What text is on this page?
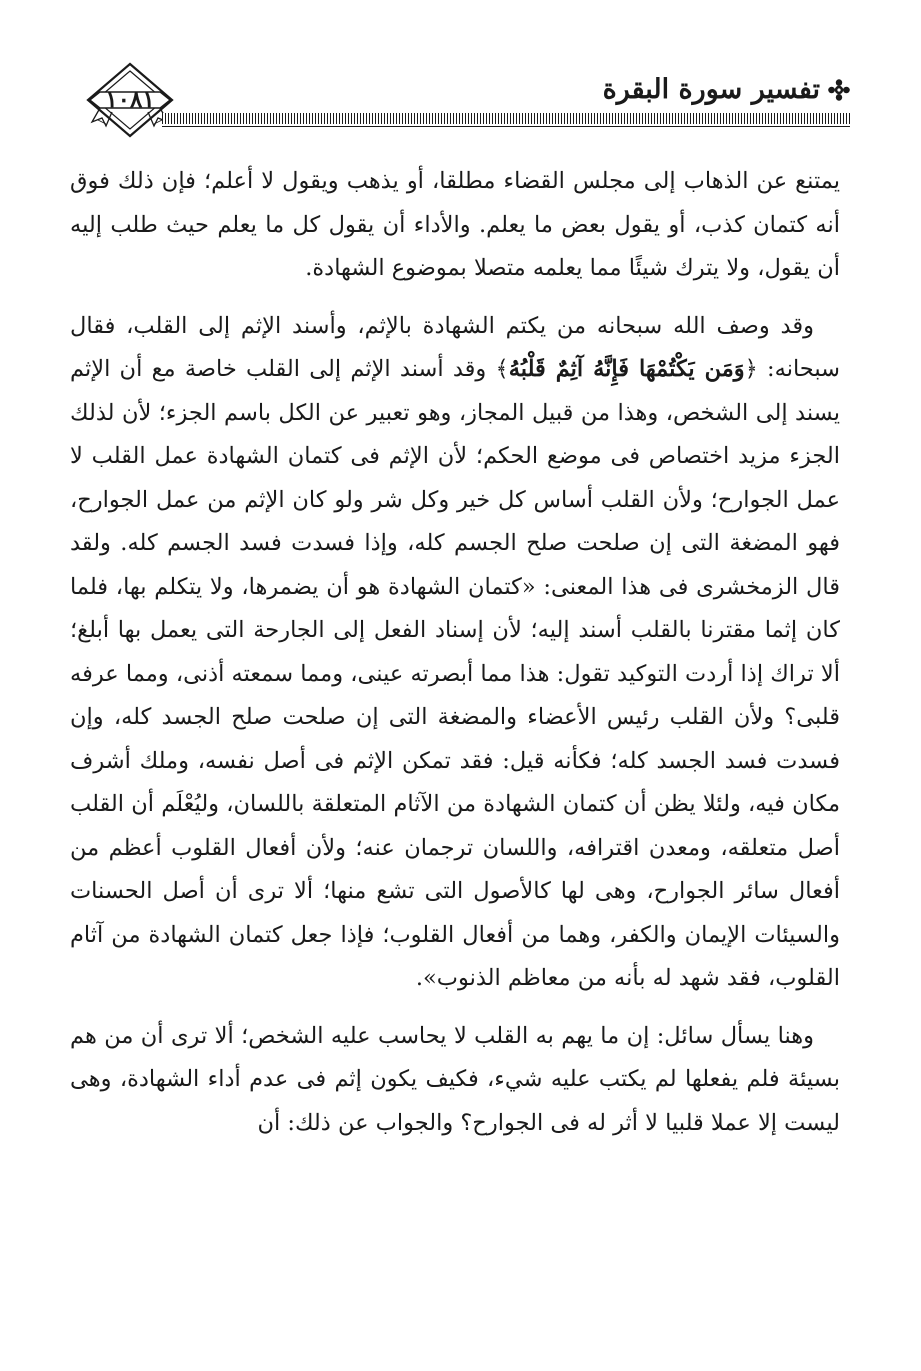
١٠٨١	تفسير سورة البقرة

يمتنع عن الذهاب إلى مجلس القضاء مطلقا، أو يذهب ويقول لا أعلم؛ فإن ذلك فوق أنه كتمان كذب، أو يقول بعض ما يعلم. والأداء أن يقول كل ما يعلم حيث طلب إليه أن يقول، ولا يترك شيئًا مما يعلمه متصلا بموضوع الشهادة.

وقد وصف الله سبحانه من يكتم الشهادة بالإثم، وأسند الإثم إلى القلب، فقال سبحانه: ﴿وَمَن يَكْتُمْهَا فَإِنَّهُ آثِمٌ قَلْبُهُ﴾ وقد أسند الإثم إلى القلب خاصة مع أن الإثم يسند إلى الشخص، وهذا من قبيل المجاز، وهو تعبير عن الكل باسم الجزء؛ لأن لذلك الجزء مزيد اختصاص فى موضع الحكم؛ لأن الإثم فى كتمان الشهادة عمل القلب لا عمل الجوارح؛ ولأن القلب أساس كل خير وكل شر ولو كان الإثم من عمل الجوارح، فهو المضغة التى إن صلحت صلح الجسم كله، وإذا فسدت فسد الجسم كله. ولقد قال الزمخشرى فى هذا المعنى: «كتمان الشهادة هو أن يضمرها، ولا يتكلم بها، فلما كان إثما مقترنا بالقلب أسند إليه؛ لأن إسناد الفعل إلى الجارحة التى يعمل بها أبلغ؛ ألا تراك إذا أردت التوكيد تقول: هذا مما أبصرته عينى، ومما سمعته أذنى، ومما عرفه قلبى؟ ولأن القلب رئيس الأعضاء والمضغة التى إن صلحت صلح الجسد كله، وإن فسدت فسد الجسد كله؛ فكأنه قيل: فقد تمكن الإثم فى أصل نفسه، وملك أشرف مكان فيه، ولئلا يظن أن كتمان الشهادة من الآثام المتعلقة باللسان، وليُعْلَم أن القلب أصل متعلقه، ومعدن اقترافه، واللسان ترجمان عنه؛ ولأن أفعال القلوب أعظم من أفعال سائر الجوارح، وهى لها كالأصول التى تشع منها؛ ألا ترى أن أصل الحسنات والسيئات الإيمان والكفر، وهما من أفعال القلوب؛ فإذا جعل كتمان الشهادة من آثام القلوب، فقد شهد له بأنه من معاظم الذنوب».

وهنا يسأل سائل: إن ما يهم به القلب لا يحاسب عليه الشخص؛ ألا ترى أن من هم بسيئة فلم يفعلها لم يكتب عليه شيء، فكيف يكون إثم فى عدم أداء الشهادة، وهى ليست إلا عملا قلبيا لا أثر له فى الجوارح؟ والجواب عن ذلك: أن
